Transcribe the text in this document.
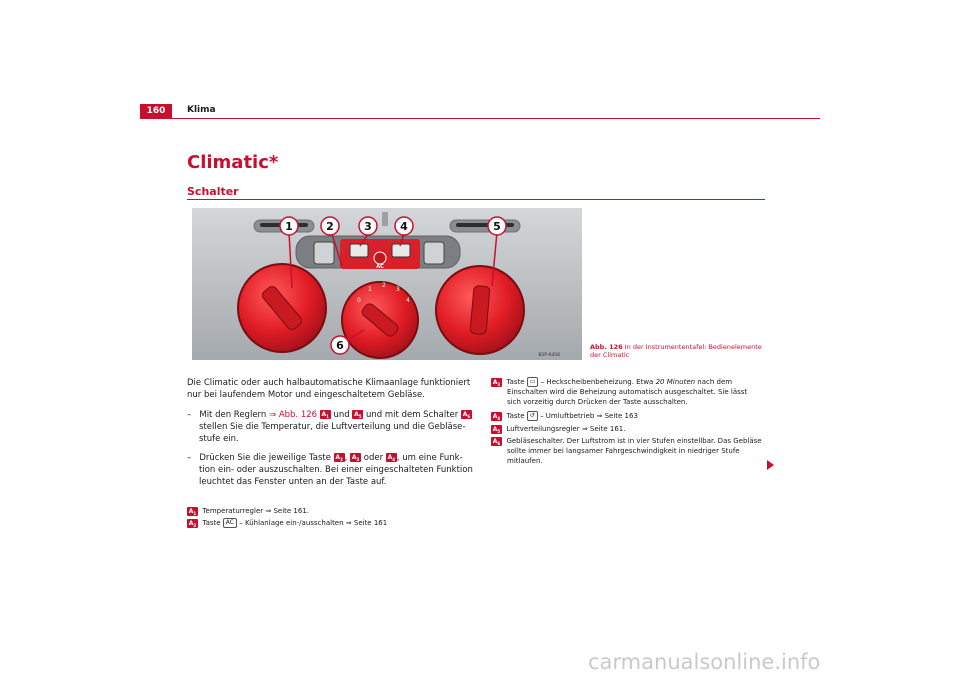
160	Klima
Climatic*
Schalter
AC
0
1
2
3
4
1	2	3	4	5
6
B5P-0456
Abb. 126 In der Instrumententafel: Bedienelemente der Climatic
Die Climatic oder auch halbautomatische Klimaanlage funktioniert nur bei laufendem Motor und eingeschaltetem Gebläse.
– Mit den Reglern ⇒ Abb. 126 $A_1$ und $A_5$ und mit dem Schalter $A_6$
stellen Sie die Temperatur, die Luftverteilung und die Gebläse-
stufe ein.
– Drücken Sie die jeweilige Taste $A_2$ , $A_3$ oder $A_4$ , um eine Funk-
tion ein- oder auszuschalten. Bei einer eingeschalteten Funktion
leuchtet das Fenster unten an der Taste auf.
$A_1$ Temperaturregler ⇒ Seite 161.
$A_2$ Taste AC – Kühlanlage ein-/ausschalten ⇒ Seite 161
$A_3$ Taste ▭ – Heckscheibenbeheizung. Etwa 20 Minuten nach dem
Einschalten wird die Beheizung automatisch ausgeschaltet. Sie lässt
sich vorzeitig durch Drücken der Taste ausschalten.
$A_4$ Taste ↺ – Umluftbetrieb ⇒ Seite 163
$A_5$ Luftverteilungsregler ⇒ Seite 161.
$A_6$ Gebläseschalter. Der Luftstrom ist in vier Stufen einstellbar. Das Gebläse
sollte immer bei langsamer Fahrgeschwindigkeit in niedriger Stufe
mitlaufen.
carmanualsonline.info
